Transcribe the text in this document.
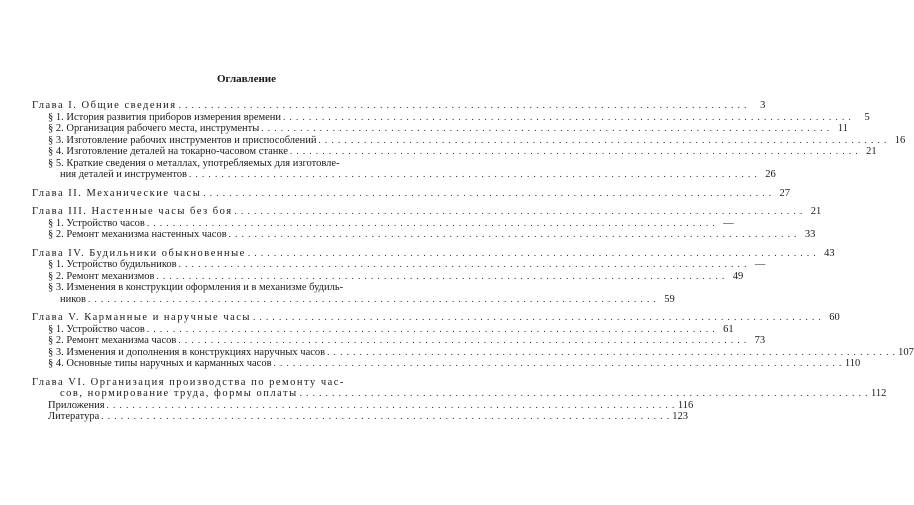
Оглавление
Глава I. Общие сведения . . .	3
§ 1. История развития приборов измерения времени . . .	5
§ 2. Организация рабочего места, инструменты . . .	11
§ 3. Изготовление рабочих инструментов и приспособлений . . .	16
§ 4. Изготовление деталей на токарно-часовом станке . . .	21
§ 5. Краткие сведения о металлах, употребляемых для изготовле-
ния деталей и инструментов . . .	26
Глава II. Механические часы . . .	27
Глава III. Настенные часы без боя . . .	21
§ 1. Устройство часов . . .	—
§ 2. Ремонт механизма настенных часов . . .	33
Глава IV. Будильники обыкновенные . . .	43
§ 1. Устройство будильников . . .	—
§ 2. Ремонт механизмов . . .	49
§ 3. Изменения в конструкции оформления и в механизме будиль-
ников . . .	59
Глава V. Карманные и наручные часы . . .	60
§ 1. Устройство часов . . .	61
§ 2. Ремонт механизма часов . . .	73
§ 3. Изменения и дополнения в конструкциях наручных часов . . .	107
§ 4. Основные типы наручных и карманных часов . . .	110
Глава VI. Организация производства по ремонту час-
сов, нормирование труда, формы оплаты . . .	112
Приложения . . .	116
Литература . . .	123
